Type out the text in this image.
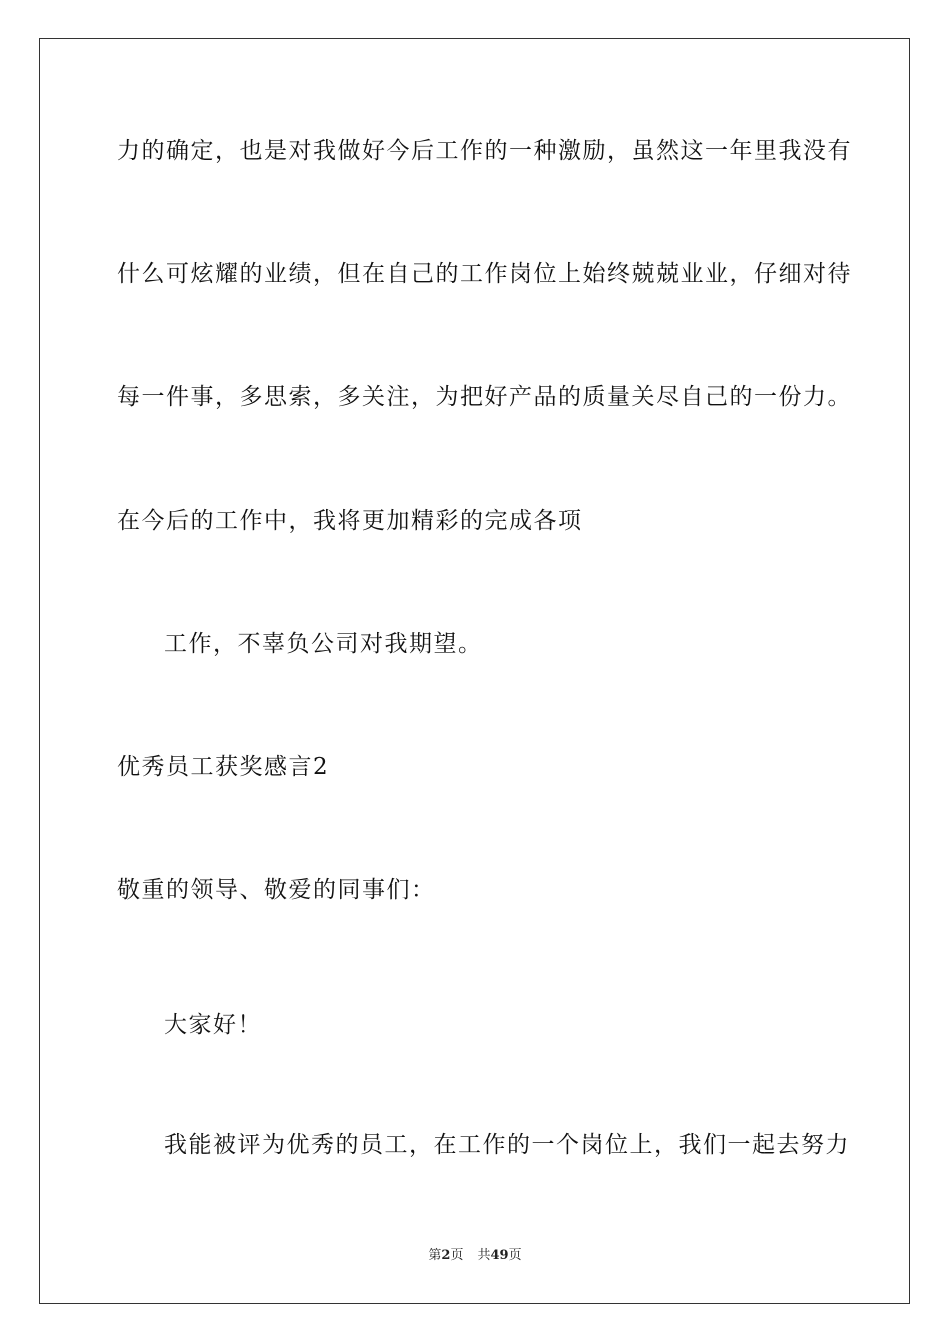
力的确定，也是对我做好今后工作的一种激励，虽然这一年里我没有
什么可炫耀的业绩，但在自己的工作岗位上始终兢兢业业，仔细对待
每一件事，多思索，多关注，为把好产品的质量关尽自己的一份力。
在今后的工作中，我将更加精彩的完成各项
工作，不辜负公司对我期望。
优秀员工获奖感言2
敬重的领导、敬爱的同事们：
大家好！
我能被评为优秀的员工，在工作的一个岗位上，我们一起去努力
第2页 共49页
